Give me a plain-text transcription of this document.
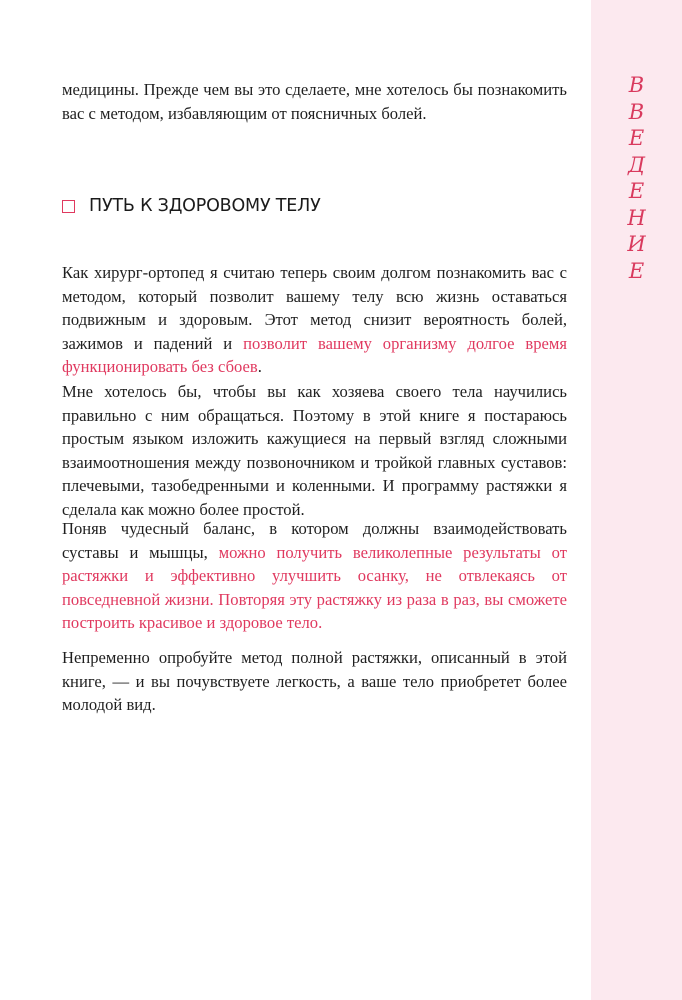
В
В
Е
Д
Е
Н
И
Е

медицины. Прежде чем вы это сделаете, мне хотелось бы познакомить вас с методом, избавляющим от поясничных болей.

ПУТЬ К ЗДОРОВОМУ ТЕЛУ

Как хирург-ортопед я считаю теперь своим долгом познакомить вас с методом, который позволит вашему телу всю жизнь оставаться подвижным и здоровым. Этот метод снизит вероятность болей, зажимов и падений и позволит вашему организму долгое время функционировать без сбоев.

Мне хотелось бы, чтобы вы как хозяева своего тела научились правильно с ним обращаться. Поэтому в этой книге я постараюсь простым языком изложить кажущиеся на первый взгляд сложными взаимоотношения между позвоночником и тройкой главных суставов: плечевыми, тазобедренными и коленными. И программу растяжки я сделала как можно более простой.

Поняв чудесный баланс, в котором должны взаимодействовать суставы и мышцы, можно получить великолепные результаты от растяжки и эффективно улучшить осанку, не отвлекаясь от повседневной жизни. Повторяя эту растяжку из раза в раз, вы сможете построить красивое и здоровое тело.

Непременно опробуйте метод полной растяжки, описанный в этой книге, — и вы почувствуете легкость, а ваше тело приобретет более молодой вид.
